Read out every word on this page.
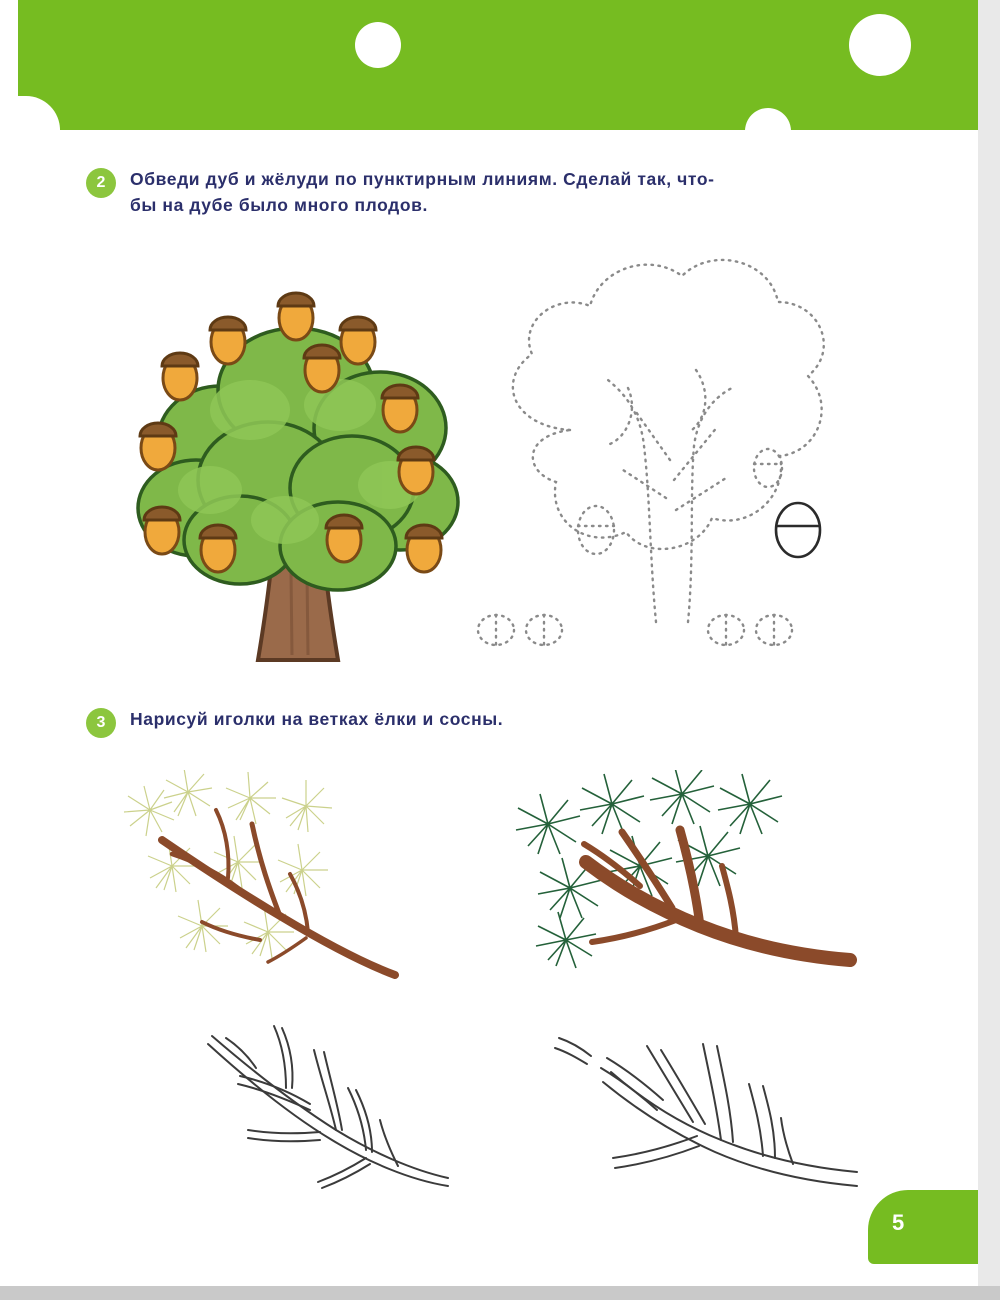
2	Обведи дуб и жёлуди по пунктирным линиям. Сделай так, что-
бы на дубе было много плодов.
3	Нарисуй иголки на ветках ёлки и сосны.
5
